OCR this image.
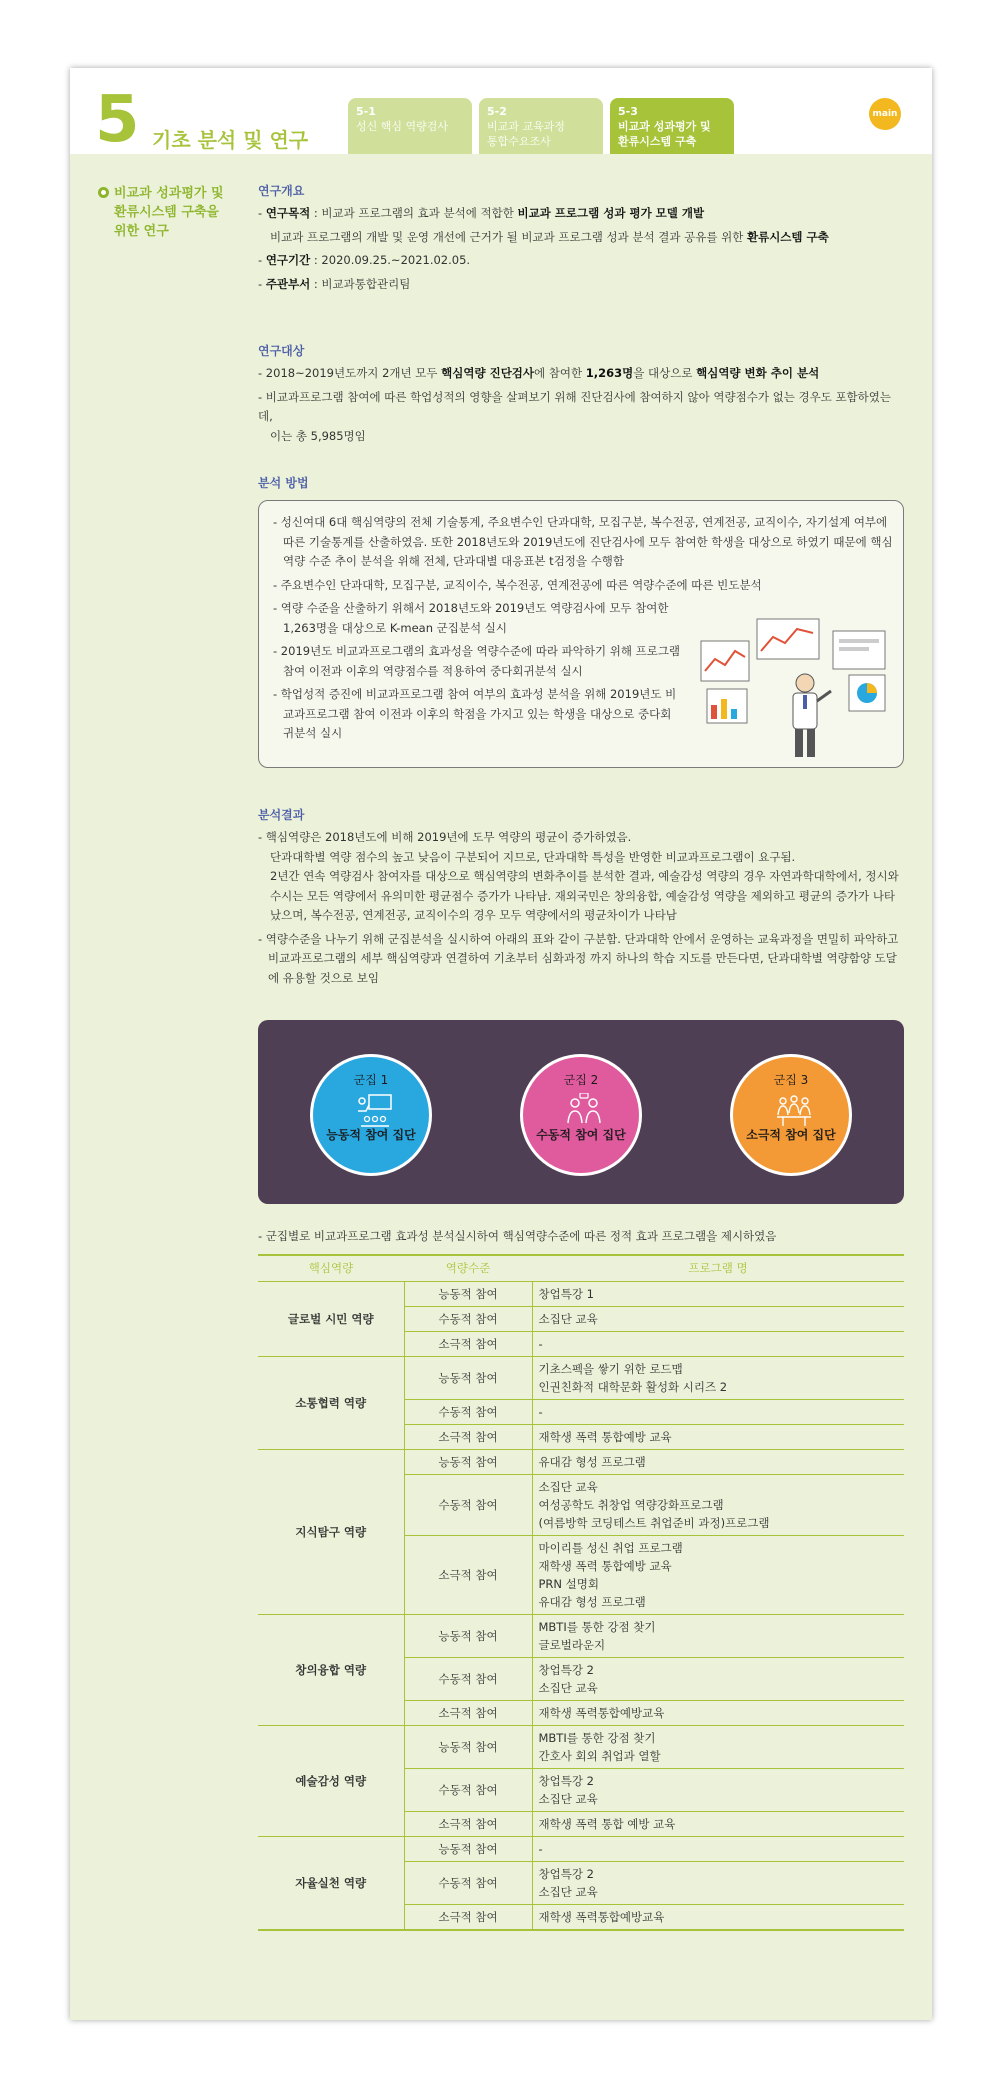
5 기초 분석 및 연구
5-1
성신 핵심 역량검사
5-2
비교과 교육과정
통합수요조사
5-3
비교과 성과평가 및
환류시스템 구축
main
비교과 성과평가 및
환류시스템 구축을
위한 연구
연구개요

- 연구목적 : 비교과 프로그램의 효과 분석에 적합한 비교과 프로그램 성과 평가 모델 개발

비교과 프로그램의 개발 및 운영 개선에 근거가 될 비교과 프로그램 성과 분석 결과 공유를 위한 환류시스템 구축

- 연구기간 : 2020.09.25.~2021.02.05.

- 주관부서 : 비교과통합관리팀

연구대상

- 2018~2019년도까지 2개년 모두 핵심역량 진단검사에 참여한 1,263명을 대상으로 핵심역량 변화 추이 분석

- 비교과프로그램 참여에 따른 학업성적의 영향을 살펴보기 위해 진단검사에 참여하지 않아 역량점수가 없는 경우도 포함하였는데,

이는 총 5,985명임

분석 방법
- 성신여대 6대 핵심역량의 전체 기술통계, 주요변수인 단과대학, 모집구분, 복수전공, 연계전공, 교직이수, 자기설계 여부에 따른 기술통계를 산출하였음. 또한 2018년도와 2019년도에 진단검사에 모두 참여한 학생을 대상으로 하였기 때문에 핵심역량 수준 추이 분석을 위해 전체, 단과대별 대응표본 t검정을 수행함
- 주요변수인 단과대학, 모집구분, 교직이수, 복수전공, 연계전공에 따른 역량수준에 따른 빈도분석
- 역량 수준을 산출하기 위해서 2018년도와 2019년도 역량검사에 모두 참여한 1,263명을 대상으로 K-mean 군집분석 실시
- 2019년도 비교과프로그램의 효과성을 역량수준에 따라 파악하기 위해 프로그램 참여 이전과 이후의 역량점수를 적용하여 중다회귀분석 실시
- 학업성적 증진에 비교과프로그램 참여 여부의 효과성 분석을 위해 2019년도 비교과프로그램 참여 이전과 이후의 학점을 가지고 있는 학생을 대상으로 중다회귀분석 실시
분석결과

- 핵심역량은 2018년도에 비해 2019년에 도무 역량의 평균이 증가하였음.

단과대학별 역량 점수의 높고 낮음이 구분되어 지므로, 단과대학 특성을 반영한 비교과프로그램이 요구됨.

2년간 연속 역량검사 참여자를 대상으로 핵심역량의 변화추이를 분석한 결과, 예술감성 역량의 경우 자연과학대학에서, 정시와 수시는 모든 역량에서 유의미한 평균점수 증가가 나타남. 재외국민은 창의융합, 예술감성 역량을 제외하고 평균의 증가가 나타났으며, 복수전공, 연계전공, 교직이수의 경우 모두 역량에서의 평균차이가 나타남

- 역량수준을 나누기 위해 군집분석을 실시하여 아래의 표와 같이 구분함. 단과대학 안에서 운영하는 교육과정을 면밀히 파악하고 비교과프로그램의 세부 핵심역량과 연결하여 기초부터 심화과정 까지 하나의 학습 지도를 만든다면, 단과대학별 역량함양 도달에 유용할 것으로 보임

군집 1
능동적 참여 집단
군집 2
수동적 참여 집단
군집 3
소극적 참여 집단
- 군집별로 비교과프로그램 효과성 분석실시하여 핵심역량수준에 따른 정적 효과 프로그램을 제시하였음
핵심역량	역량수준	프로그램 명
글로벌 시민 역량	능동적 참여	창업특강 1

	수동적 참여	소집단 교육

	소극적 참여	-

소통협력 역량	능동적 참여	기초스펙을 쌓기 위한 로드맵
인권친화적 대학문화 활성화 시리즈 2

	수동적 참여	-

	소극적 참여	재학생 폭력 통합예방 교육

지식탐구 역량	능동적 참여	유대감 형성 프로그램

	수동적 참여	소집단 교육
여성공학도 취창업 역량강화프로그램
(여름방학 코딩테스트 취업준비 과정)프로그램

	소극적 참여	마이리틀 성신 취업 프로그램
재학생 폭력 통합예방 교육
PRN 설명회
유대감 형성 프로그램

창의융합 역량	능동적 참여	MBTI를 통한 강점 찾기
글로벌라운지

	수동적 참여	창업특강 2
소집단 교육

	소극적 참여	재학생 폭력통합예방교육

예술감성 역량	능동적 참여	MBTI를 통한 강점 찾기
간호사 회외 취업과 열할

	수동적 참여	창업특강 2
소집단 교육

	소극적 참여	재학생 폭력 통합 예방 교육

자율실천 역량	능동적 참여	-

	수동적 참여	창업특강 2
소집단 교육

	소극적 참여	재학생 폭력통합예방교육
